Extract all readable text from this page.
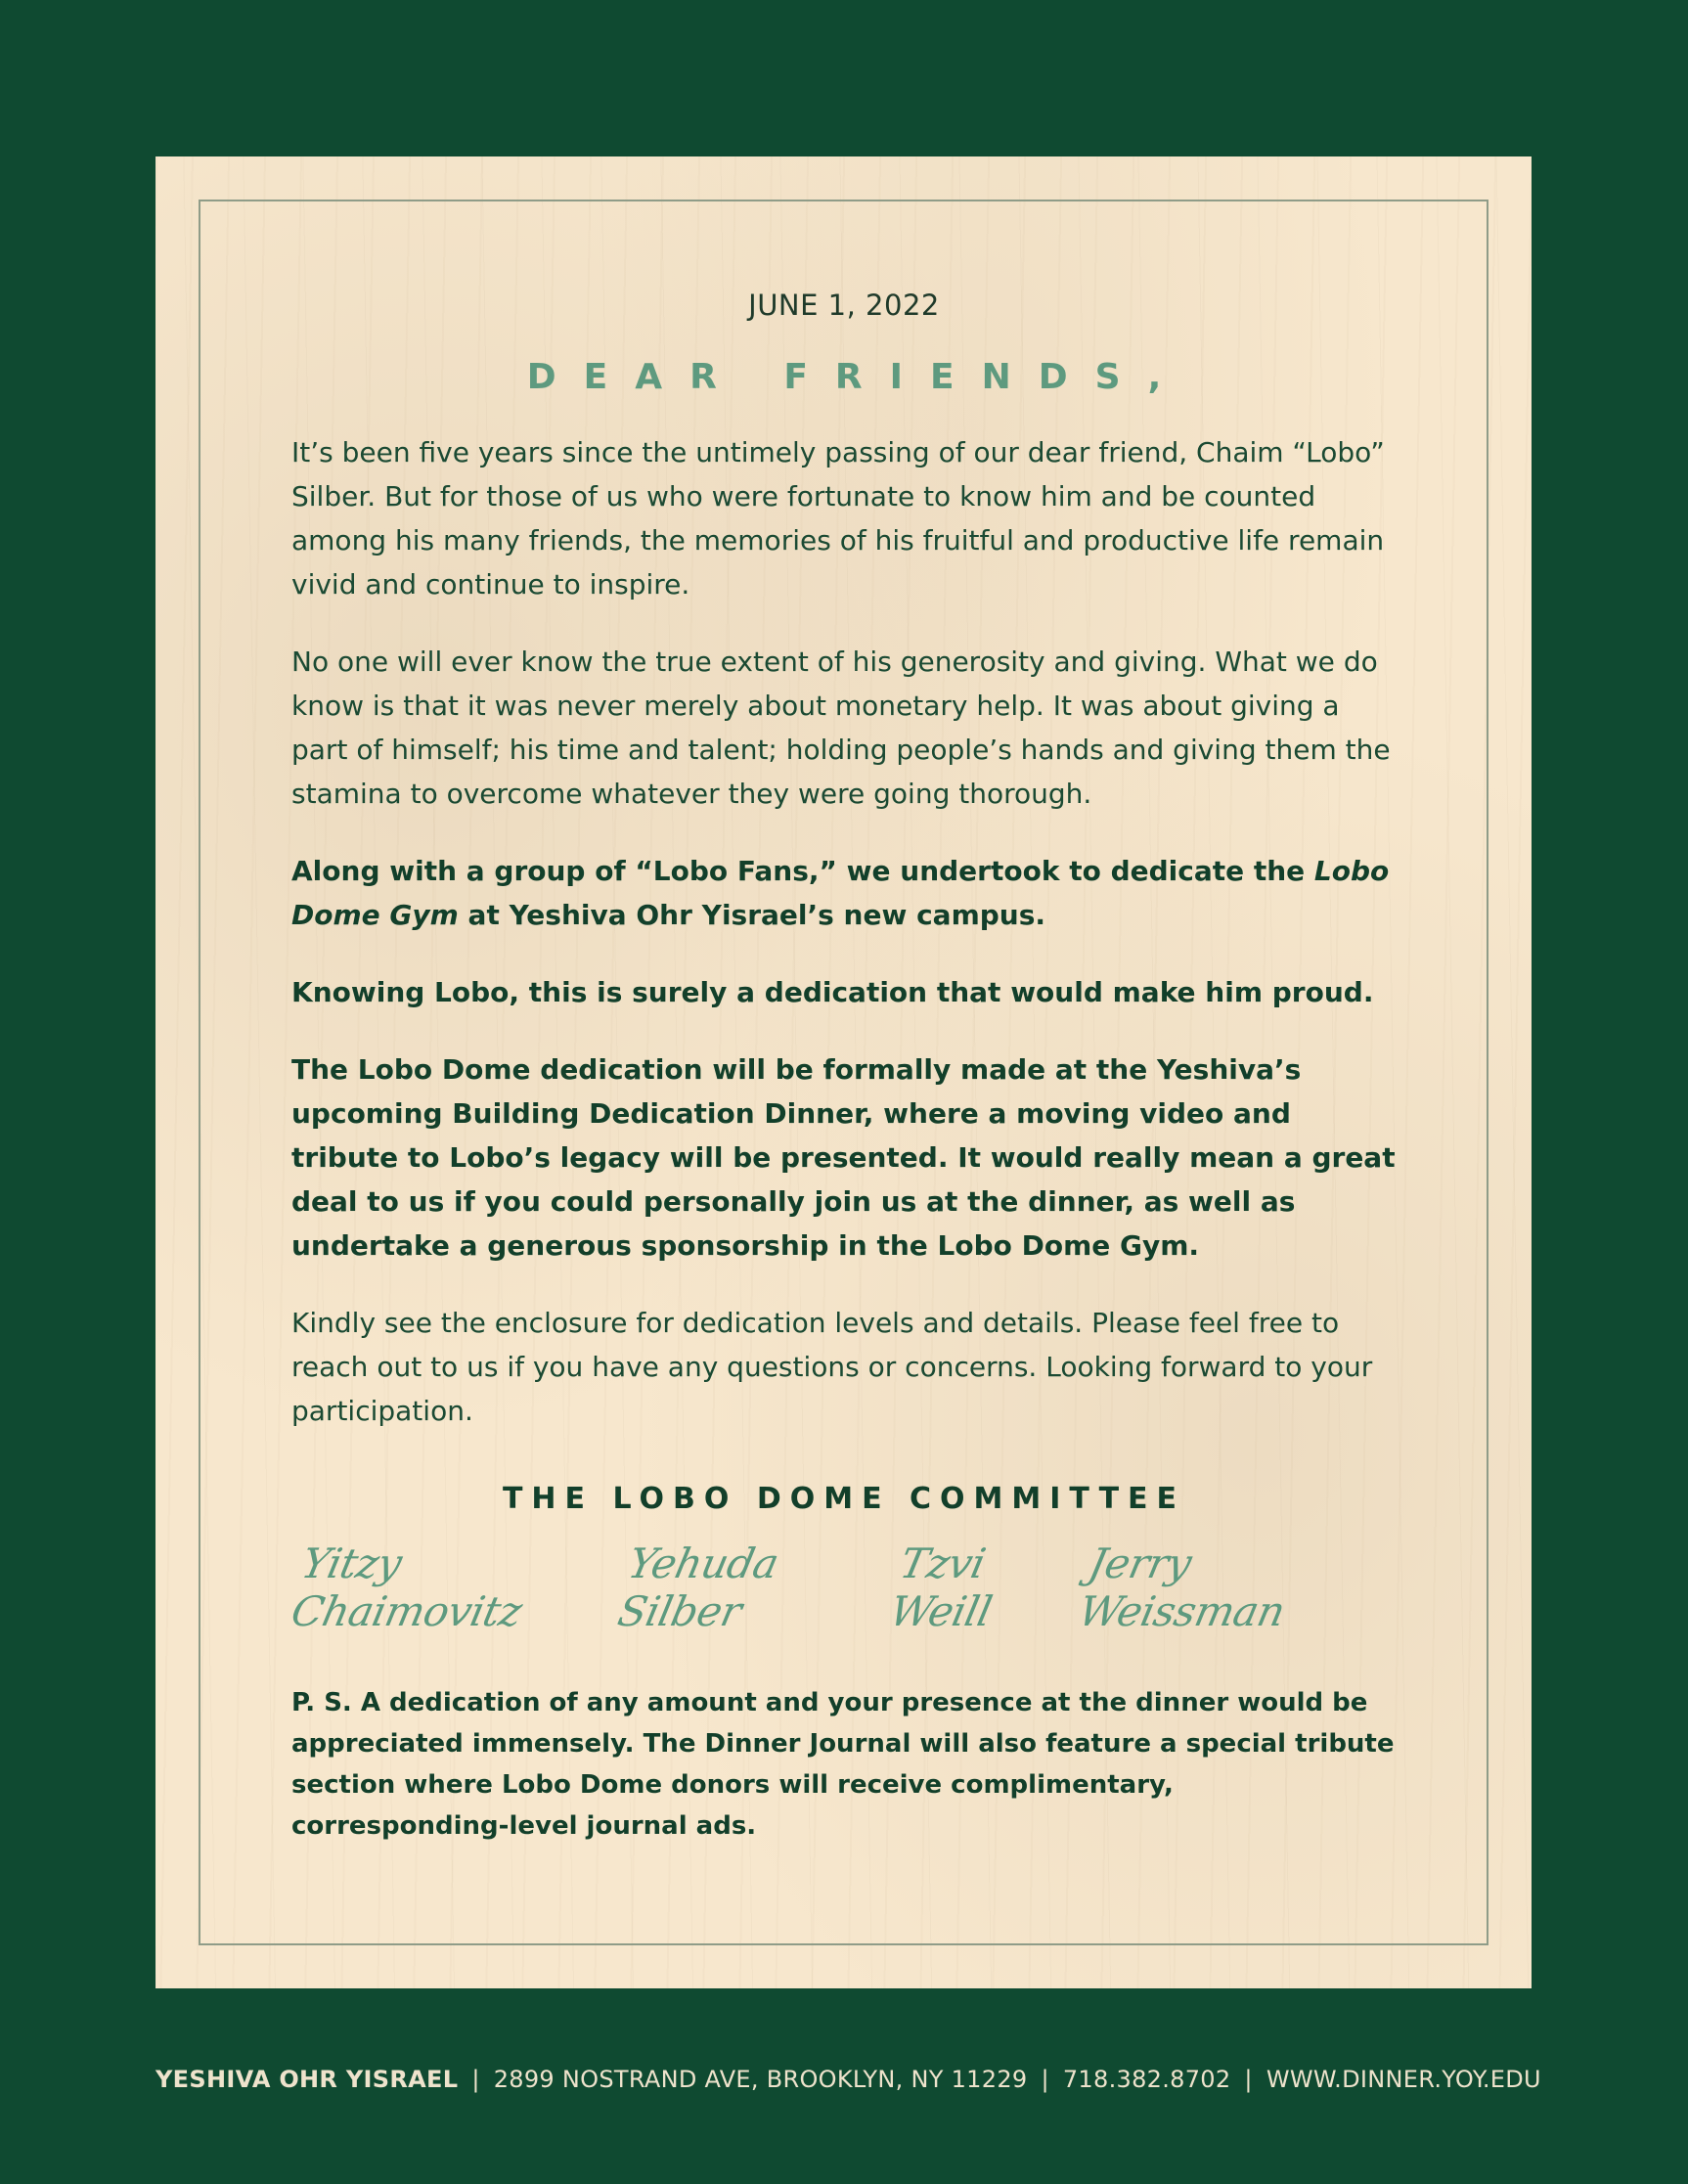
JUNE 1, 2022
DEAR FRIENDS,

It’s been five years since the untimely passing of our dear friend, Chaim “Lobo” Silber. But for those of us who were fortunate to know him and be counted among his many friends, the memories of his fruitful and productive life remain vivid and continue to inspire.

No one will ever know the true extent of his generosity and giving. What we do know is that it was never merely about monetary help. It was about giving a part of himself; his time and talent; holding people’s hands and giving them the stamina to overcome whatever they were going thorough.

Along with a group of “Lobo Fans,” we undertook to dedicate the Lobo Dome Gym at Yeshiva Ohr Yisrael’s new campus.

Knowing Lobo, this is surely a dedication that would make him proud.

The Lobo Dome dedication will be formally made at the Yeshiva’s upcoming Building Dedication Dinner, where a moving video and tribute to Lobo’s legacy will be presented. It would really mean a great deal to us if you could personally join us at the dinner, as well as undertake a generous sponsorship in the Lobo Dome Gym.

Kindly see the enclosure for dedication levels and details. Please feel free to reach out to us if you have any questions or concerns. Looking forward to your participation.

THE LOBO DOME COMMITTEE
Yitzy Chaimovitz
Yehuda Silber
Tzvi Weill
Jerry Weissman

P. S. A dedication of any amount and your presence at the dinner would be appreciated immensely. The Dinner Journal will also feature a special tribute section where Lobo Dome donors will receive complimentary, corresponding-level journal ads.

YESHIVA OHR YISRAEL | 2899 NOSTRAND AVE, BROOKLYN, NY 11229 | 718.382.8702 | WWW.DINNER.YOY.EDU
